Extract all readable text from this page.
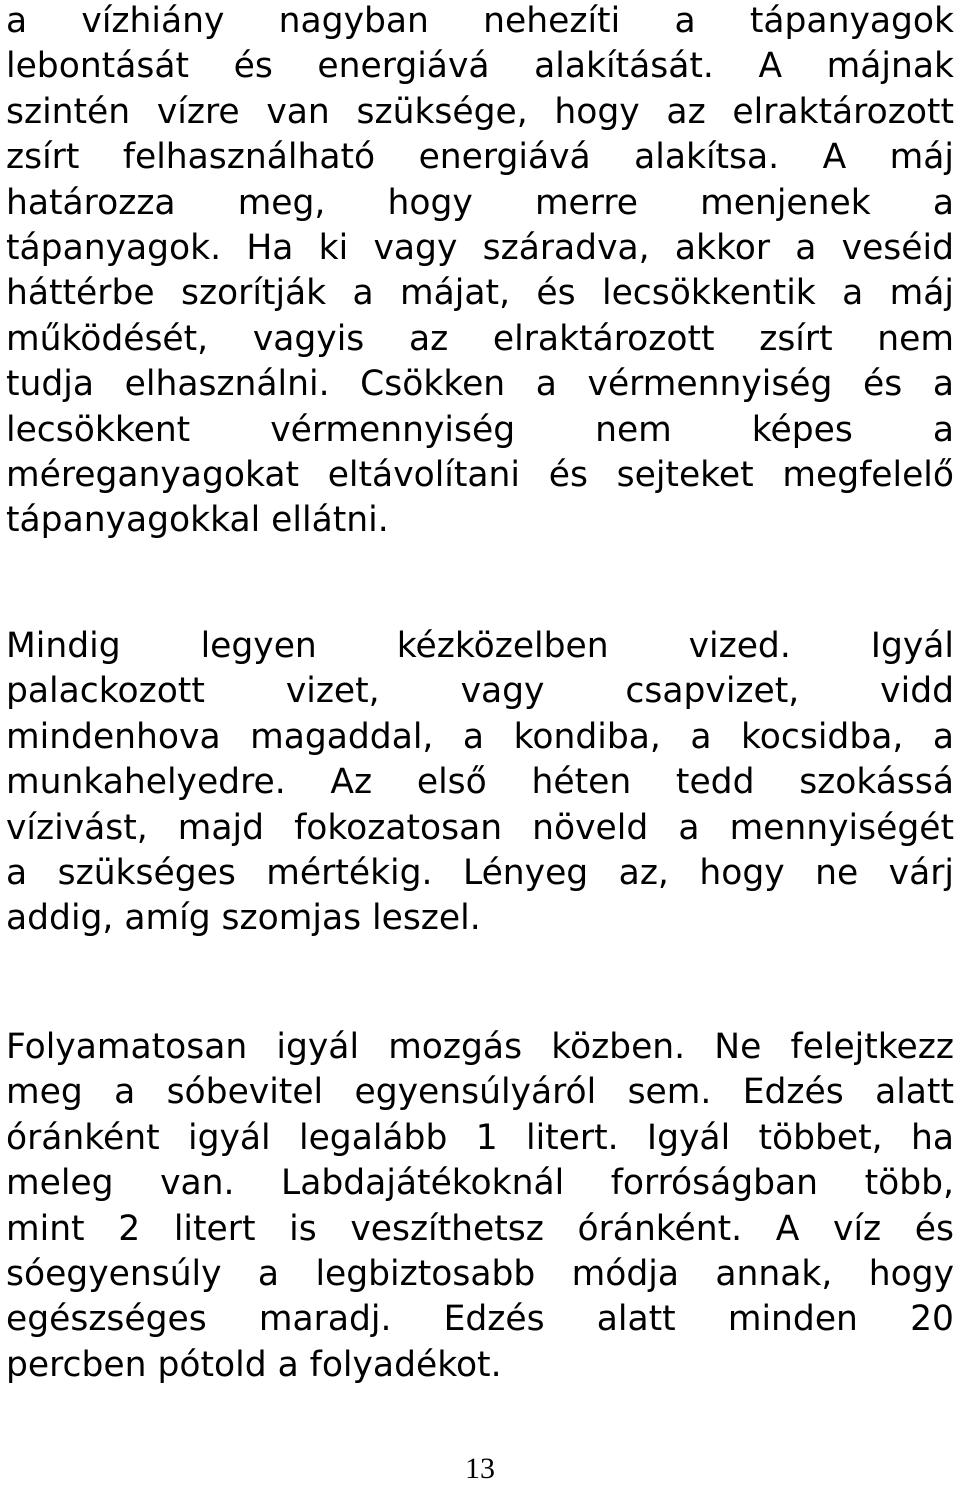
a vízhiány nagyban nehezíti a tápanyagok
lebontását és energiává alakítását. A májnak
szintén vízre van szüksége, hogy az elraktározott
zsírt felhasználható energiává alakítsa. A máj
határozza meg, hogy merre menjenek a
tápanyagok. Ha ki vagy száradva, akkor a veséid
háttérbe szorítják a májat, és lecsökkentik a máj
működését, vagyis az elraktározott zsírt nem
tudja elhasználni. Csökken a vérmennyiség és a
lecsökkent vérmennyiség nem képes a
méreganyagokat eltávolítani és sejteket megfelelő
tápanyagokkal ellátni.

Mindig legyen kézközelben vized. Igyál
palackozott vizet, vagy csapvizet, vidd
mindenhova magaddal, a kondiba, a kocsidba, a
munkahelyedre. Az első héten tedd szokássá
vízivást, majd fokozatosan növeld a mennyiségét
a szükséges mértékig. Lényeg az, hogy ne várj
addig, amíg szomjas leszel.

Folyamatosan igyál mozgás közben. Ne felejtkezz
meg a sóbevitel egyensúlyáról sem. Edzés alatt
óránként igyál legalább 1 litert. Igyál többet, ha
meleg van. Labdajátékoknál forróságban több,
mint 2 litert is veszíthetsz óránként. A víz és
sóegyensúly a legbiztosabb módja annak, hogy
egészséges maradj. Edzés alatt minden 20
percben pótold a folyadékot.

13
